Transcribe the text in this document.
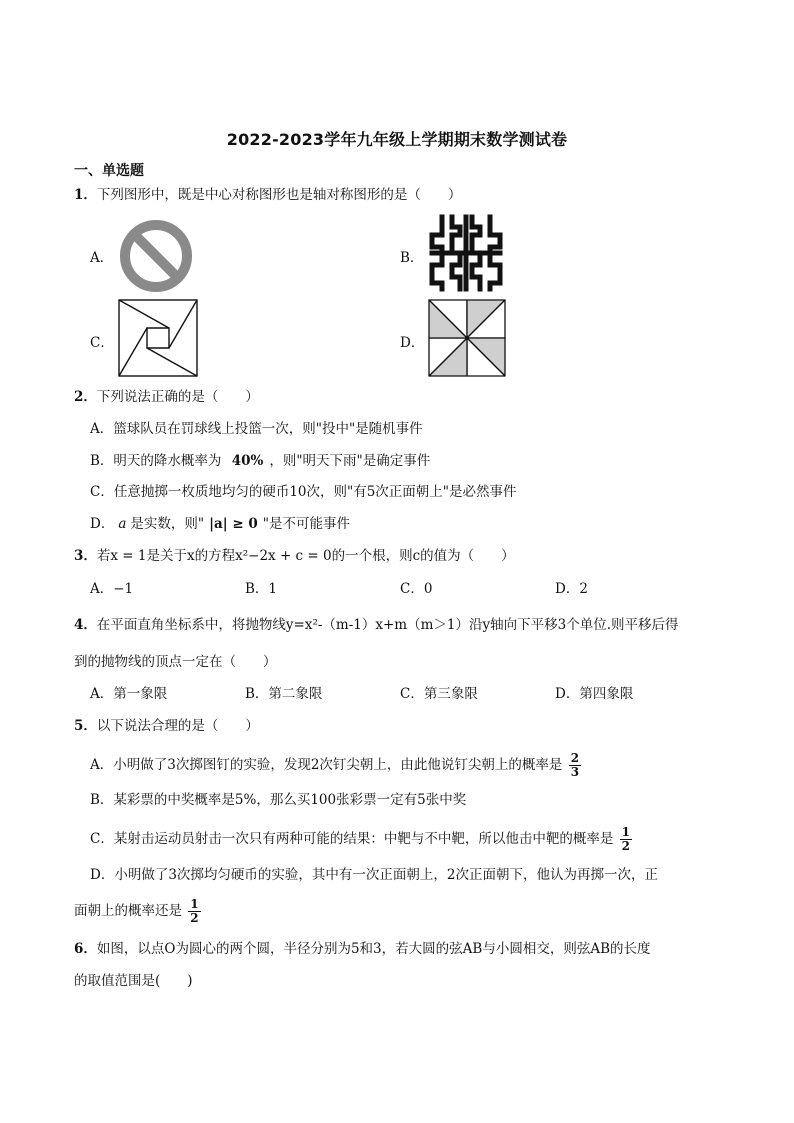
2022-2023学年九年级上学期期末数学测试卷
一、单选题
1．下列图形中，既是中心对称图形也是轴对称图形的是（　　）
A．	B．
C．	D．
2．下列说法正确的是（　　）
A．篮球队员在罚球线上投篮一次，则"投中"是随机事件
B．明天的降水概率为 40% ，则"明天下雨"是确定事件
C．任意抛掷一枚质地均匀的硬币10次，则"有5次正面朝上"是必然事件
D． a 是实数，则" |a| ≥ 0 "是不可能事件
3．若x = 1是关于x的方程x²−2x + c = 0的一个根，则c的值为（　　）
A．−1	B．1	C．0	D．2
4．在平面直角坐标系中，将抛物线y=x²-（m-1）x+m（m＞1）沿y轴向下平移3个单位.则平移后得
到的抛物线的顶点一定在（　　）
A．第一象限	B．第二象限	C．第三象限	D．第四象限
5．以下说法合理的是（　　）
A．小明做了3次掷图钉的实验，发现2次钉尖朝上，由此他说钉尖朝上的概率是 $\frac{2}{3}$
B．某彩票的中奖概率是5%，那么买100张彩票一定有5张中奖
C．某射击运动员射击一次只有两种可能的结果：中靶与不中靶，所以他击中靶的概率是 $\frac{1}{2}$
D．小明做了3次掷均匀硬币的实验，其中有一次正面朝上，2次正面朝下，他认为再掷一次，正
面朝上的概率还是 $\frac{1}{2}$
6．如图，以点O为圆心的两个圆，半径分别为5和3，若大圆的弦AB与小圆相交，则弦AB的长度
的取值范围是(　　)
